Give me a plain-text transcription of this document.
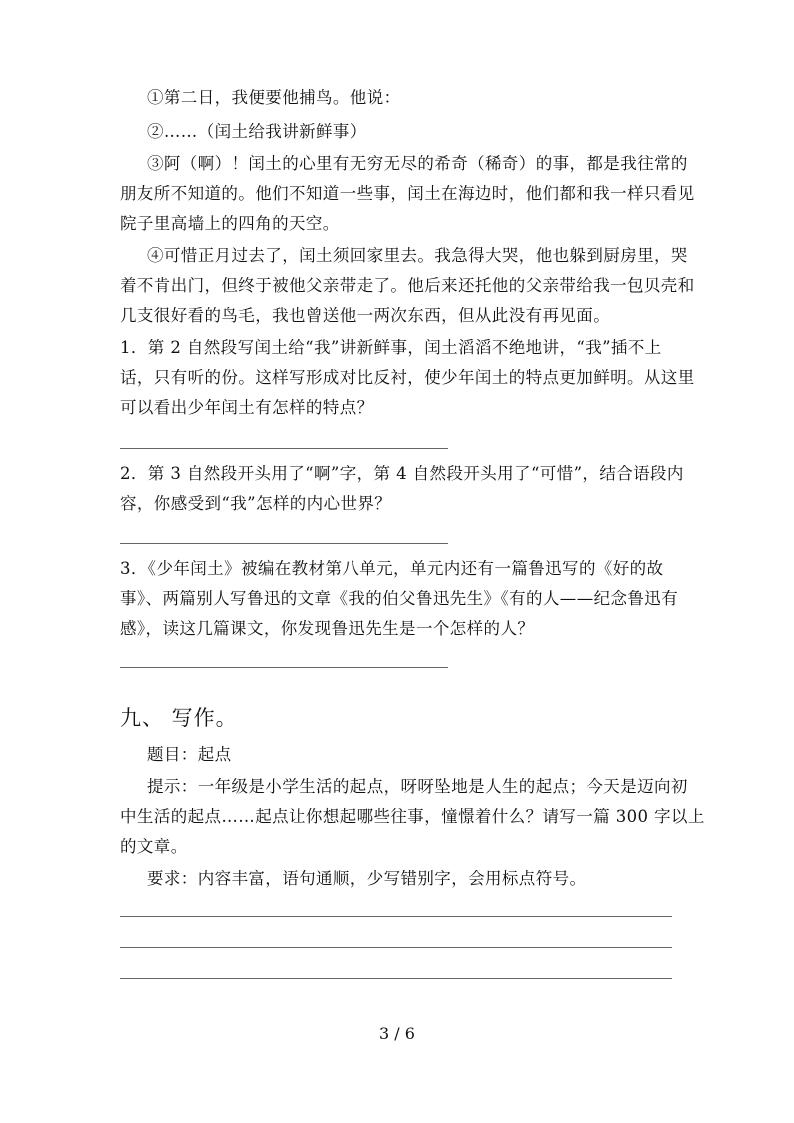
①第二日，我便要他捕鸟。他说：
②……（闰土给我讲新鲜事）
③阿（啊）！闰土的心里有无穷无尽的希奇（稀奇）的事，都是我往常的
朋友所不知道的。他们不知道一些事，闰土在海边时，他们都和我一样只看见
院子里高墙上的四角的天空。
④可惜正月过去了，闰土须回家里去。我急得大哭，他也躲到厨房里，哭
着不肯出门，但终于被他父亲带走了。他后来还托他的父亲带给我一包贝壳和
几支很好看的鸟毛，我也曾送他一两次东西，但从此没有再见面。
1．第 2 自然段写闰土给“我”讲新鲜事，闰土滔滔不绝地讲，“我”插不上
话，只有听的份。这样写形成对比反衬，使少年闰土的特点更加鲜明。从这里
可以看出少年闰土有怎样的特点？
2．第 3 自然段开头用了“啊”字，第 4 自然段开头用了“可惜”，结合语段内
容，你感受到“我”怎样的内心世界？
3．《少年闰土》被编在教材第八单元，单元内还有一篇鲁迅写的《好的故
事》、两篇别人写鲁迅的文章《我的伯父鲁迅先生》《有的人——纪念鲁迅有
感》，读这几篇课文，你发现鲁迅先生是一个怎样的人？
九、 写作。
题目：起点
提示：一年级是小学生活的起点，呀呀坠地是人生的起点；今天是迈向初
中生活的起点……起点让你想起哪些往事，憧憬着什么？请写一篇 300 字以上
的文章。
要求：内容丰富，语句通顺，少写错别字，会用标点符号。
3 / 6
